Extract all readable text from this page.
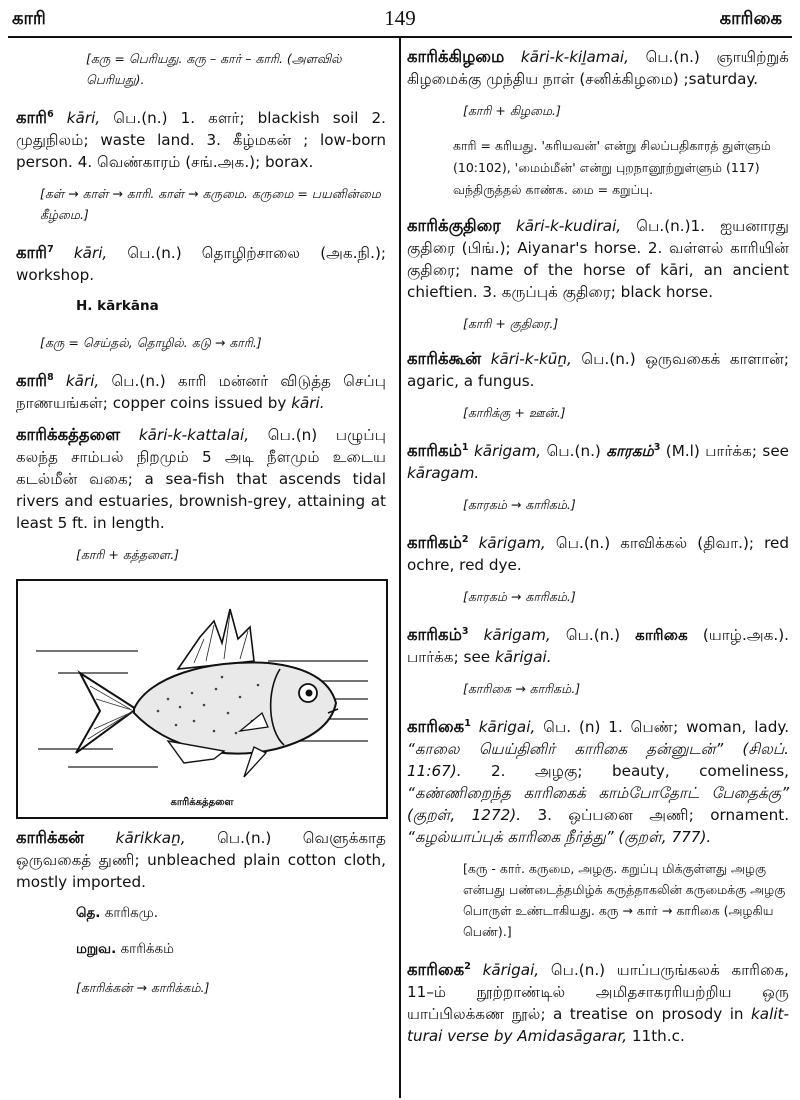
காரி	149	காரிகை
[கரு = பெரியது. கரு – கார் – காரி. (அளவில் பெரியது).
காரி$^6$ kāri, பெ.(n.) 1. களர்; blackish soil 2. முதுநிலம்; waste land. 3. கீழ்மகன் ; low-born person. 4. வெண்காரம் (சங்.அக.); borax.
[கள் → காள் → காரி. காள் → கருமை. கருமை = பயனின்மை கீழ்மை.]
காரி$^7$ kāri, பெ.(n.) தொழிற்சாலை (அக.நி.); workshop.
H. kārkāna
[கரு = செய்தல், தொழில். கடு → காரி.]
காரி$^8$ kāri, பெ.(n.) காரி மன்னர் விடுத்த செப்பு நாணயங்கள்; copper coins issued by kāri.
காரிக்கத்தளை kāri-k-kattalai, பெ.(n) பழுப்பு கலந்த சாம்பல் நிறமும் 5 அடி நீளமும் உடைய கடல்மீன் வகை; a sea-fish that ascends tidal rivers and estuaries, brownish-grey, attaining at least 5 ft. in length.
[காரி + கத்தளை.]
காரிக்கத்தளை
காரிக்கன் kārikkaṉ, பெ.(n.) வெளுக்காத ஒருவகைத் துணி; unbleached plain cotton cloth, mostly imported.
தெ. காரிகமு.
மறுவ. காரிக்கம்
[காரிக்கன் → காரிக்கம்.]
காரிக்கிழமை kāri-k-kiḻamai, பெ.(n.) ஞாயிற்றுக் கிழமைக்கு முந்திய நாள் (சனிக்கிழமை) ;saturday.
[காரி + கிழமை.]
காரி = கரியது. 'கரியவன்' என்று சிலப்பதிகாரத் துள்ளும் (10:102), 'மைம்மீன்' என்று புறநானூற்றுள்ளும் (117) வந்திருத்தல் காண்க. மை = கறுப்பு.
காரிக்குதிரை kāri-k-kudirai, பெ.(n.)1. ஐயனாரது குதிரை (பிங்.); Aiyanar's horse. 2. வள்ளல் காரியின் குதிரை; name of the horse of kāri, an ancient chieftien. 3. கருப்புக் குதிரை; black horse.
[காரி + குதிரை.]
காரிக்கூன் kāri-k-kūṉ, பெ.(n.) ஒருவகைக் காளான்; agaric, a fungus.
[காரிக்கு + ஊன்.]
காரிகம்$^1$ kārigam, பெ.(n.) காரகம்$^3$ (M.l) பார்க்க; see kāragam.
[காரகம் → காரிகம்.]
காரிகம்$^2$ kārigam, பெ.(n.) காவிக்கல் (திவா.); red ochre, red dye.
[காரகம் → காரிகம்.]
காரிகம்$^3$ kārigam, பெ.(n.) காரிகை (யாழ்.அக.). பார்க்க; see kārigai.
[காரிகை → காரிகம்.]
காரிகை$^1$ kārigai, பெ. (n) 1. பெண்; woman, lady. “காலை யெய்தினிர் காரிகை தன்னுடன்” (சிலப். 11:67). 2. அழகு; beauty, comeliness, “கண்ணிறைந்த காரிகைக் காம்போதோட் பேதைக்கு” (குறள், 1272). 3. ஒப்பனை அணி; ornament. “கழல்யாப்புக் காரிகை நீர்த்து” (குறள், 777).
[கரு - கார். கருமை, அழகு. கறுப்பு மிக்குள்ளது அழகு என்பது பண்டைத்தமிழ்க் கருத்தாகலின் கருமைக்கு அழகு பொருள் உண்டாகியது. கரு → கார் → காரிகை (அழகிய பெண்).]
காரிகை$^2$ kārigai, பெ.(n.) யாப்பருங்கலக் காரிகை, 11–ம் நூற்றாண்டில் அமிதசாகரரியற்றிய ஒரு யாப்பிலக்கண நூல்; a treatise on prosody in kalit-turai verse by Amidasāgarar, 11th.c.
